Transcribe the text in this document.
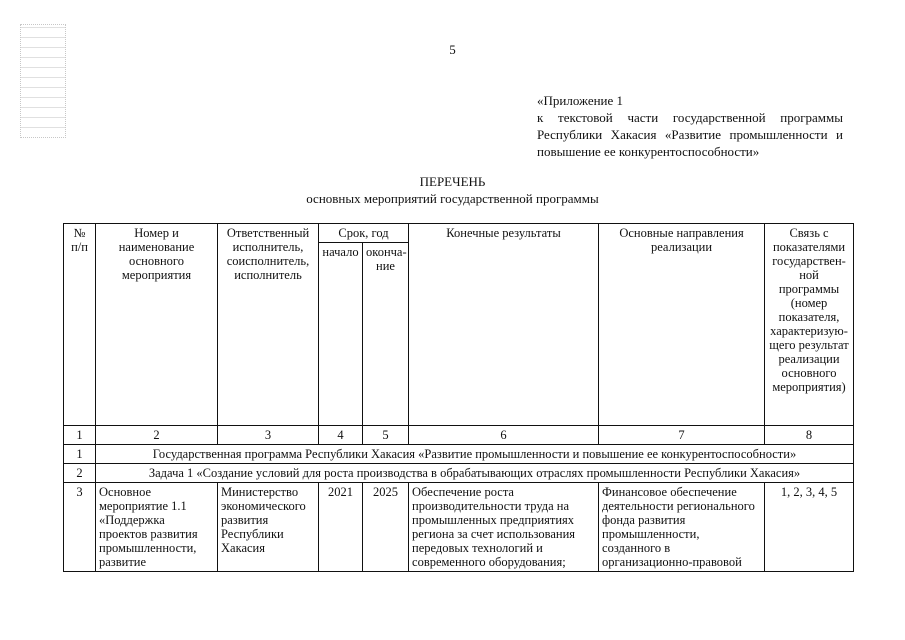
5
«Приложение 1
к текстовой части государственной программы
Республики Хакасия «Развитие промышленности и
повышение ее конкурентоспособности»
ПЕРЕЧЕНЬ
основных мероприятий государственной программы
№ п/п	Номер и наименование основного мероприятия	Ответственный исполнитель, соисполнитель, исполнитель	Срок, год		Конечные результаты	Основные направления реализации	Связь с показателями государствен-ной программы (номер показателя, характеризую-щего результат реализации основного мероприятия)
			начало	оконча-ние			
1	2	3	4	5	6	7	8
1	Государственная программа Республики Хакасия «Развитие промышленности и повышение ее конкурентоспособности»						
2	Задача 1 «Создание условий для роста производства в обрабатывающих отраслях промышленности Республики Хакасия»						
3	Основное мероприятие 1.1 «Поддержка проектов развития промышленности, развитие	Министерство экономического развития Республики Хакасия	2021	2025	Обеспечение роста производительности труда на промышленных предприятиях региона за счет использования передовых технологий и современного оборудования;	Финансовое обеспечение деятельности регионального фонда развития промышленности, созданного в организационно-правовой	1, 2, 3, 4, 5
